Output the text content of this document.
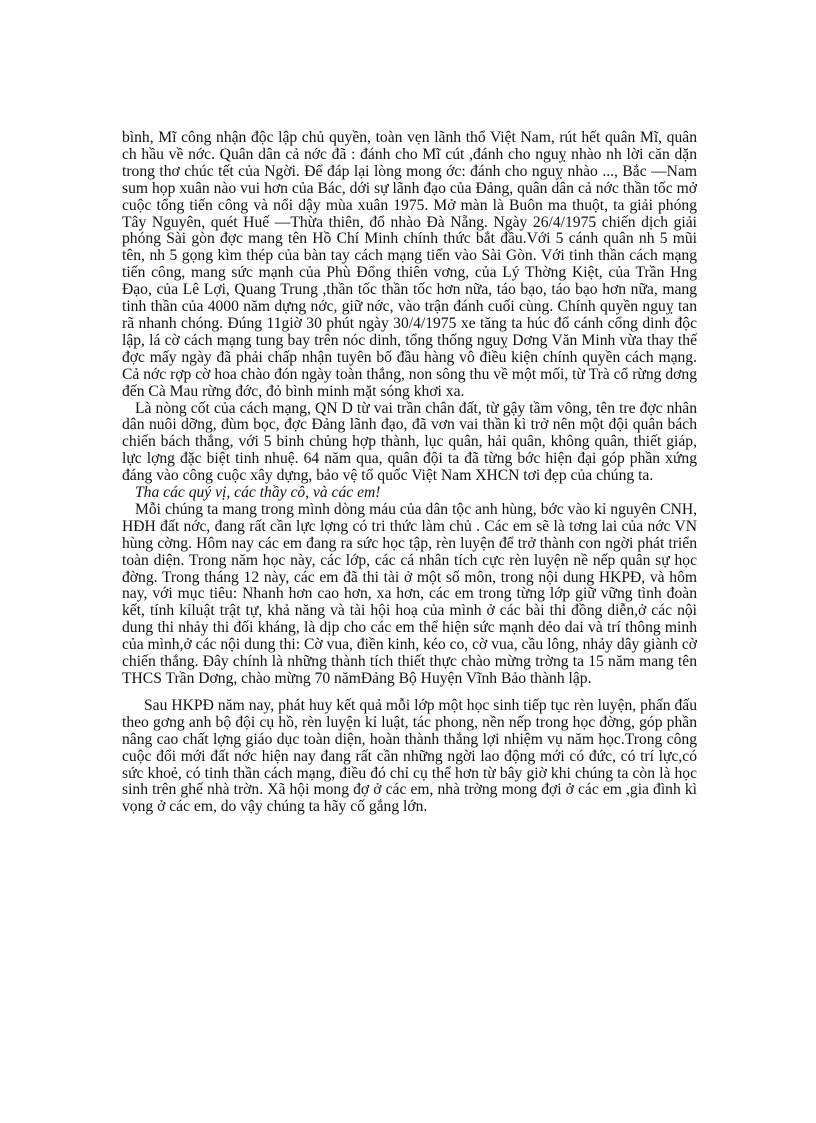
bình, Mĩ công nhận độc lập chủ quyền, toàn vẹn lãnh thổ Việt Nam, rút hết quân Mĩ, quân ch hầu về nớc. Quân dân cả nớc đã : đánh cho Mĩ cút ,đánh cho nguỵ nhào nh lời căn dặn trong thơ chúc tết của Ngời. Để đáp lại lòng mong ớc: đánh cho nguỵ nhào ..., Bắc —Nam sum họp xuân nào vui hơn của Bác, dới sự lãnh đạo của Đảng, quân dân cả nớc thần tốc mở cuộc tổng tiến công và nổi dậy mùa xuân 1975. Mở màn là Buôn ma thuột, ta giải phóng Tây Nguyên, quét Huế —Thừa thiên, đổ nhào Đà Nẵng. Ngày 26/4/1975 chiến dịch giải phóng Sài gòn đợc mang tên Hồ Chí Minh chính thức bắt đầu.Với 5 cánh quân nh 5 mũi tên, nh 5 gọng kìm thép của bàn tay cách mạng tiến vào Sài Gòn. Với tinh thần cách mạng tiến công, mang sức mạnh của Phù Đổng thiên vơng, của Lý Thờng Kiệt, của Trần Hng Đạo, của Lê Lợi, Quang Trung ,thần tốc thần tốc hơn nữa, táo bạo, táo bạo hơn nữa, mang tinh thần của 4000 năm dựng nớc, giữ nớc, vào trận đánh cuối cùng. Chính quyền nguỵ tan rã nhanh chóng. Đúng 11giờ 30 phút ngày 30/4/1975 xe tăng ta húc đổ cánh cổng dinh độc lập, lá cờ cách mạng tung bay trên nóc dinh, tổng thống nguỵ Dơng Văn Minh vừa thay thế đợc mấy ngày đã phải chấp nhận tuyên bố đầu hàng vô điều kiện chính quyền cách mạng. Cả nớc rợp cờ hoa chào đón ngày toàn thắng, non sông thu về một mối, từ Trà cổ rừng dơng đến Cà Mau rừng đớc, đỏ bình minh mặt sóng khơi xa.

Là nòng cốt của cách mạng, QN D từ vai trần chân đất, từ gậy tầm vông, tên tre đợc nhân dân nuôi dỡng, đùm bọc, đợc Đảng lãnh đạo, đã vơn vai thần kì trở nên một đội quân bách chiến bách thắng, với 5 binh chủng hợp thành, lục quân, hải quân, không quân, thiết giáp, lực lợng đặc biệt tinh nhuệ. 64 năm qua, quân đội ta đã từng bớc hiện đại góp phần xứng đáng vào công cuộc xây dựng, bảo vệ tổ quốc Việt Nam XHCN tơi đẹp của chúng ta.

Tha các quý vị, các thầy cô, và các em!

Mỗi chúng ta mang trong mình dòng máu của dân tộc anh hùng, bớc vào kỉ nguyên CNH, HĐH đất nớc, đang rất cần lực lợng có tri thức làm chủ . Các em sẽ là tơng lai của nớc VN hùng cờng. Hôm nay các em đang ra sức học tập, rèn luyện để trở thành con ngời phát triển toàn diện. Trong năm học này, các lớp, các cá nhân tích cực rèn luyện nề nếp quân sự học đờng. Trong tháng 12 này, các em đã thi tài ở một số môn, trong nội dung HKPĐ, và hôm nay, với mục tiêu: Nhanh hơn cao hơn, xa hơn, các em trong từng lớp giữ vững tình đoàn kết, tính kỉluật trật tự, khả năng và tài hội hoạ của mình ở các bài thi đồng diễn,ở các nội dung thi nhảy thi đối kháng, là dịp cho các em thể hiện sức mạnh dẻo dai và trí thông minh của mình,ở các nội dung thi: Cờ vua, điền kinh, kéo co, cờ vua, cầu lông, nhảy dây giành cờ chiến thắng. Đây chính là những thành tích thiết thực chào mừng trờng ta 15 năm mang tên THCS Trần Dơng, chào mừng 70 nămĐảng Bộ Huyện Vĩnh Bảo thành lập.

Sau HKPĐ năm nay, phát huy kết quả mỗi lớp một học sinh tiếp tục rèn luyện, phấn đấu theo gơng anh bộ đội cụ hồ, rèn luyện kỉ luật, tác phong, nền nếp trong học đờng, góp phần nâng cao chất lợng giáo dục toàn diện, hoàn thành thắng lợi nhiệm vụ năm học.Trong công cuộc đổi mới đất nớc hiện nay đang rất cần những ngời lao động mới có đức, có trí lực,có sức khoẻ, có tinh thần cách mạng, điều đó chỉ cụ thể hơn từ bây giờ khi chúng ta còn là học sinh trên ghế nhà trờn. Xã hội mong đợ ở các em, nhà trờng mong đợi ở các em ,gia đình kì vọng ở các em, do vậy chúng ta hãy cố gắng lớn.
